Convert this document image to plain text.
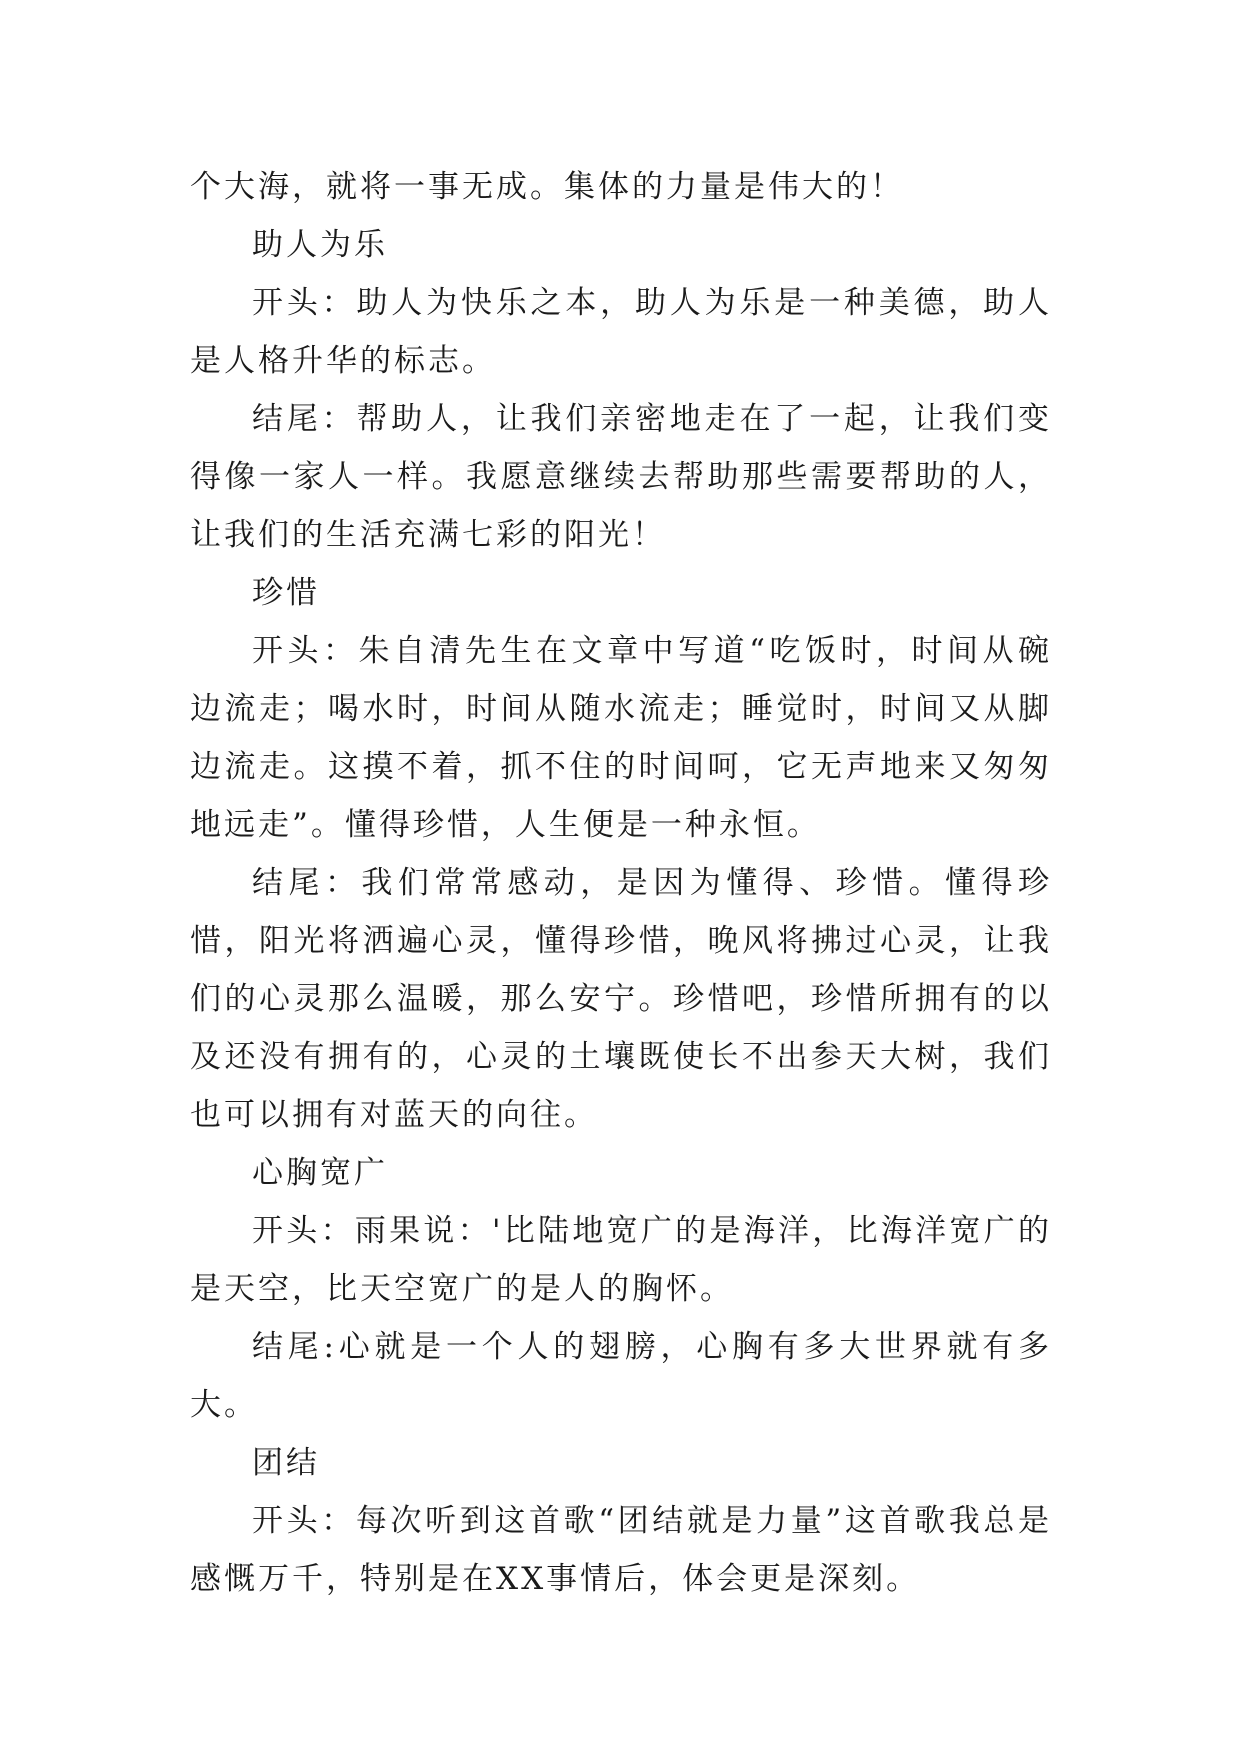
个大海，就将一事无成。集体的力量是伟大的！

助人为乐

开头：助人为快乐之本，助人为乐是一种美德，助人是人格升华的标志。

结尾：帮助人，让我们亲密地走在了一起，让我们变得像一家人一样。我愿意继续去帮助那些需要帮助的人，让我们的生活充满七彩的阳光！

珍惜

开头：朱自清先生在文章中写道“吃饭时，时间从碗边流走；喝水时，时间从随水流走；睡觉时，时间又从脚边流走。这摸不着，抓不住的时间呵，它无声地来又匆匆地远走”。懂得珍惜，人生便是一种永恒。

结尾：我们常常感动，是因为懂得、珍惜。懂得珍惜，阳光将洒遍心灵，懂得珍惜，晚风将拂过心灵，让我们的心灵那么温暖，那么安宁。珍惜吧，珍惜所拥有的以及还没有拥有的，心灵的土壤既使长不出参天大树，我们也可以拥有对蓝天的向往。

心胸宽广

开头：雨果说：'比陆地宽广的是海洋，比海洋宽广的是天空，比天空宽广的是人的胸怀。

结尾:心就是一个人的翅膀，心胸有多大世界就有多大。

团结

开头：每次听到这首歌“团结就是力量”这首歌我总是感慨万千，特别是在XX事情后，体会更是深刻。
